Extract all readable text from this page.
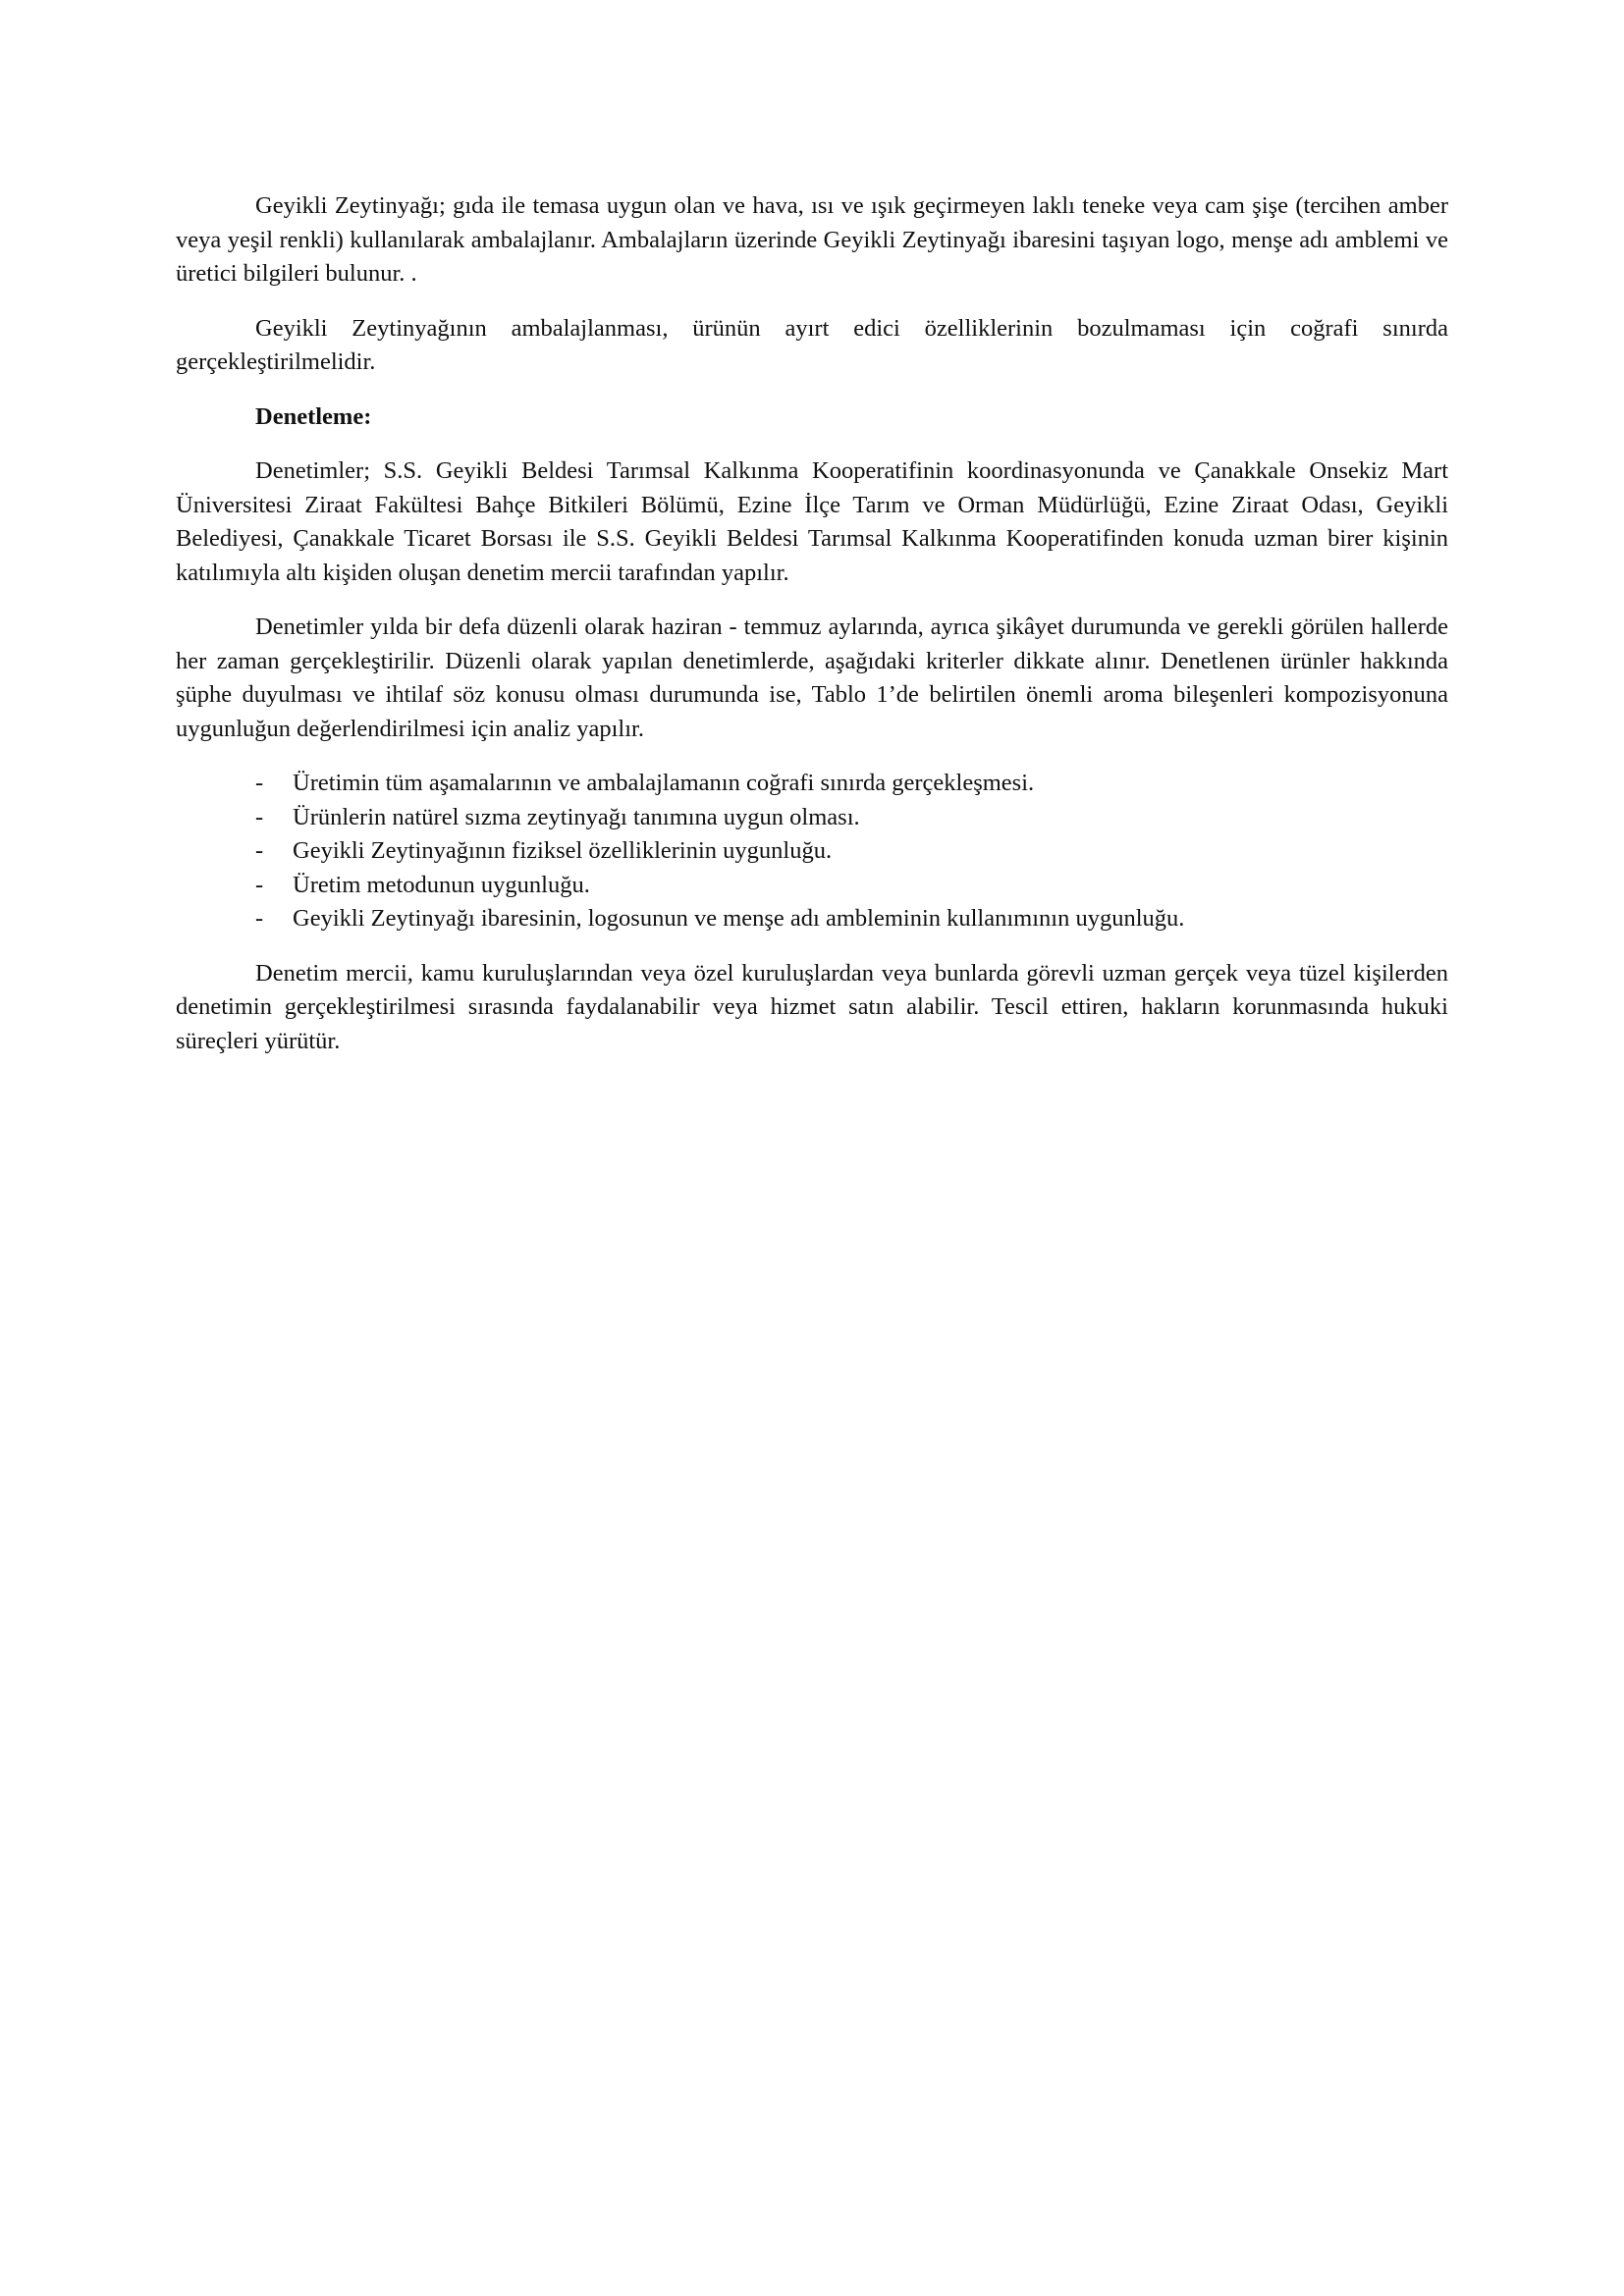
Geyikli Zeytinyağı; gıda ile temasa uygun olan ve hava, ısı ve ışık geçirmeyen laklı teneke veya cam şişe (tercihen amber veya yeşil renkli) kullanılarak ambalajlanır. Ambalajların üzerinde Geyikli Zeytinyağı ibaresini taşıyan logo, menşe adı amblemi ve üretici bilgileri bulunur. .

Geyikli Zeytinyağının ambalajlanması, ürünün ayırt edici özelliklerinin bozulmaması için coğrafi sınırda gerçekleştirilmelidir.

Denetleme:

Denetimler; S.S. Geyikli Beldesi Tarımsal Kalkınma Kooperatifinin koordinasyonunda ve Çanakkale Onsekiz Mart Üniversitesi Ziraat Fakültesi Bahçe Bitkileri Bölümü, Ezine İlçe Tarım ve Orman Müdürlüğü, Ezine Ziraat Odası, Geyikli Belediyesi, Çanakkale Ticaret Borsası ile S.S. Geyikli Beldesi Tarımsal Kalkınma Kooperatifinden konuda uzman birer kişinin katılımıyla altı kişiden oluşan denetim mercii tarafından yapılır.

Denetimler yılda bir defa düzenli olarak haziran - temmuz aylarında, ayrıca şikâyet durumunda ve gerekli görülen hallerde her zaman gerçekleştirilir. Düzenli olarak yapılan denetimlerde, aşağıdaki kriterler dikkate alınır. Denetlenen ürünler hakkında şüphe duyulması ve ihtilaf söz konusu olması durumunda ise, Tablo 1’de belirtilen önemli aroma bileşenleri kompozisyonuna uygunluğun değerlendirilmesi için analiz yapılır.

- Üretimin tüm aşamalarının ve ambalajlamanın coğrafi sınırda gerçekleşmesi.
- Ürünlerin natürel sızma zeytinyağı tanımına uygun olması.
- Geyikli Zeytinyağının fiziksel özelliklerinin uygunluğu.
- Üretim metodunun uygunluğu.
- Geyikli Zeytinyağı ibaresinin, logosunun ve menşe adı ambleminin kullanımının uygunluğu.

Denetim mercii, kamu kuruluşlarından veya özel kuruluşlardan veya bunlarda görevli uzman gerçek veya tüzel kişilerden denetimin gerçekleştirilmesi sırasında faydalanabilir veya hizmet satın alabilir. Tescil ettiren, hakların korunmasında hukuki süreçleri yürütür.
